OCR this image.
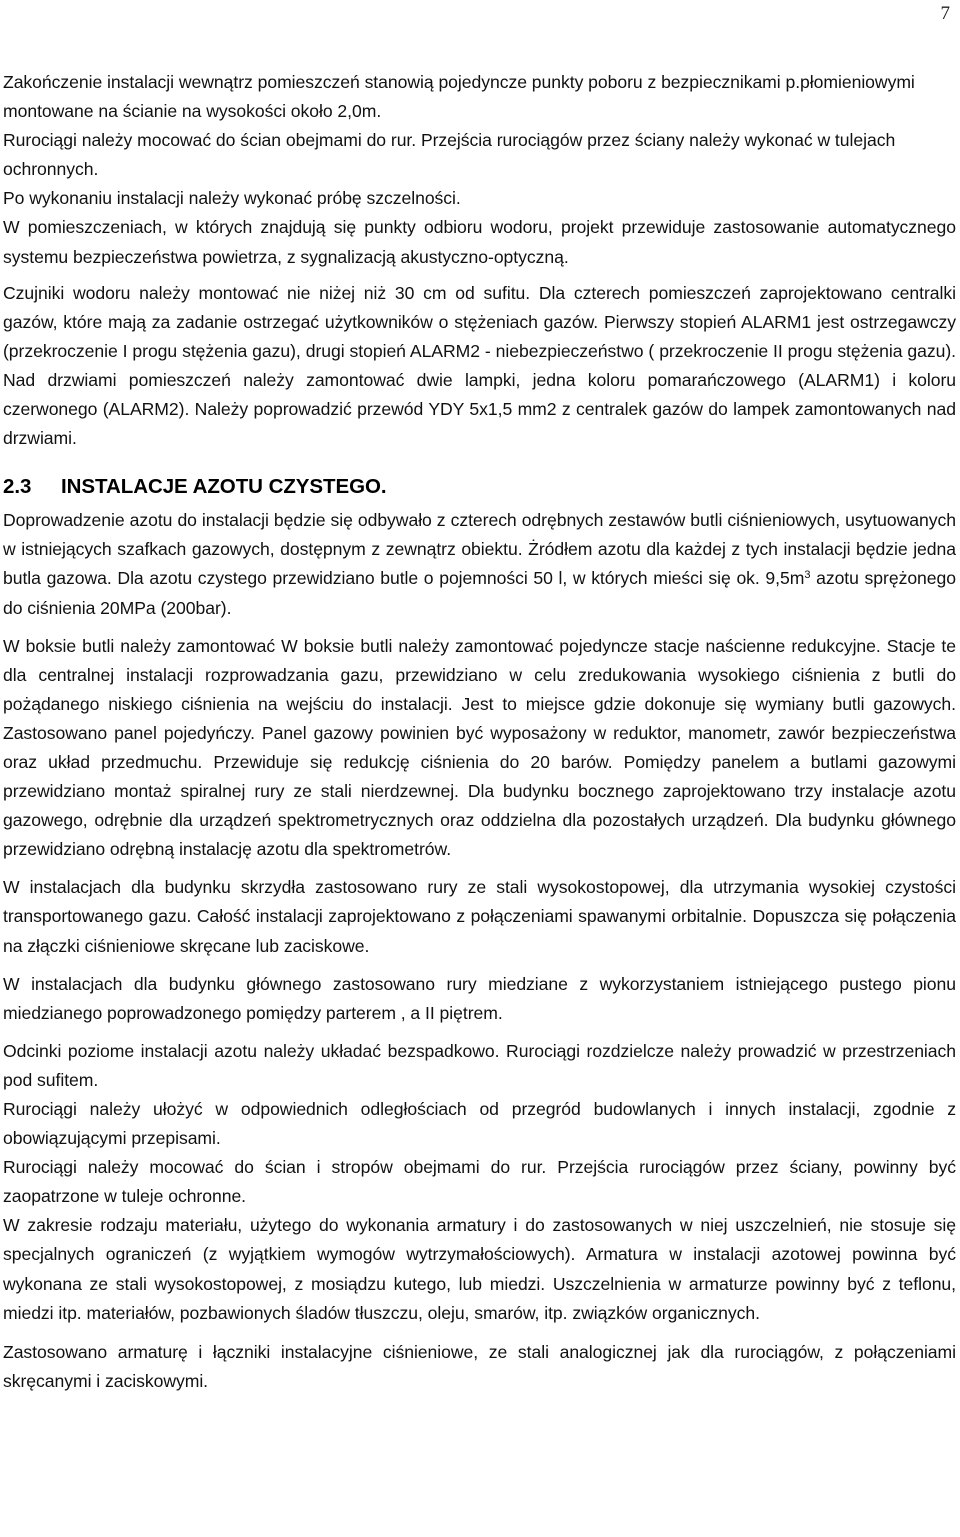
7

Zakończenie instalacji wewnątrz pomieszczeń stanowią pojedyncze punkty poboru z bezpiecznikami p.płomieniowymi montowane na ścianie na wysokości około 2,0m.

Rurociągi należy mocować do ścian obejmami do rur. Przejścia rurociągów przez ściany należy wykonać w tulejach ochronnych.

Po wykonaniu instalacji należy wykonać próbę szczelności.

W pomieszczeniach, w których znajdują się punkty odbioru wodoru, projekt przewiduje zastosowanie automatycznego systemu bezpieczeństwa powietrza, z sygnalizacją akustyczno-optyczną.

Czujniki wodoru należy montować nie niżej niż 30 cm od sufitu. Dla czterech pomieszczeń zaprojektowano centralki gazów, które mają za zadanie ostrzegać użytkowników o stężeniach gazów. Pierwszy stopień ALARM1 jest ostrzegawczy (przekroczenie I progu stężenia gazu), drugi stopień ALARM2 - niebezpieczeństwo ( przekroczenie II progu stężenia gazu). Nad drzwiami pomieszczeń należy zamontować dwie lampki, jedna koloru pomarańczowego (ALARM1) i koloru czerwonego (ALARM2). Należy poprowadzić przewód YDY 5x1,5 mm2 z centralek gazów do lampek zamontowanych nad drzwiami.

2.3 INSTALACJE AZOTU CZYSTEGO.

Doprowadzenie azotu do instalacji będzie się odbywało z czterech odrębnych zestawów butli ciśnieniowych, usytuowanych w istniejących szafkach gazowych, dostępnym z zewnątrz obiektu. Żródłem azotu dla każdej z tych instalacji będzie jedna butla gazowa. Dla azotu czystego przewidziano butle o pojemności 50 l, w których mieści się ok. $9,5m^3$ azotu sprężonego do ciśnienia 20MPa (200bar).

W boksie butli należy zamontować W boksie butli należy zamontować pojedyncze stacje naścienne redukcyjne. Stacje te dla centralnej instalacji rozprowadzania gazu, przewidziano w celu zredukowania wysokiego ciśnienia z butli do pożądanego niskiego ciśnienia na wejściu do instalacji. Jest to miejsce gdzie dokonuje się wymiany butli gazowych. Zastosowano panel pojedyńczy. Panel gazowy powinien być wyposażony w reduktor, manometr, zawór bezpieczeństwa oraz układ przedmuchu. Przewiduje się redukcję ciśnienia do 20 barów. Pomiędzy panelem a butlami gazowymi przewidziano montaż spiralnej rury ze stali nierdzewnej. Dla budynku bocznego zaprojektowano trzy instalacje azotu gazowego, odrębnie dla urządzeń spektrometrycznych oraz oddzielna dla pozostałych urządzeń. Dla budynku głównego przewidziano odrębną instalację azotu dla spektrometrów.

W instalacjach dla budynku skrzydła zastosowano rury ze stali wysokostopowej, dla utrzymania wysokiej czystości transportowanego gazu. Całość instalacji zaprojektowano z połączeniami spawanymi orbitalnie. Dopuszcza się połączenia na złączki ciśnieniowe skręcane lub zaciskowe.

W instalacjach dla budynku głównego zastosowano rury miedziane z wykorzystaniem istniejącego pustego pionu miedzianego poprowadzonego pomiędzy parterem , a II piętrem.

Odcinki poziome instalacji azotu należy układać bezspadkowo. Rurociągi rozdzielcze należy prowadzić w przestrzeniach pod sufitem.

Rurociągi należy ułożyć w odpowiednich odległościach od przegród budowlanych i innych instalacji, zgodnie z obowiązującymi przepisami.

Rurociągi należy mocować do ścian i stropów obejmami do rur. Przejścia rurociągów przez ściany, powinny być zaopatrzone w tuleje ochronne.

W zakresie rodzaju materiału, użytego do wykonania armatury i do zastosowanych w niej uszczelnień, nie stosuje się specjalnych ograniczeń (z wyjątkiem wymogów wytrzymałościowych). Armatura w instalacji azotowej powinna być wykonana ze stali wysokostopowej, z mosiądzu kutego, lub miedzi. Uszczelnienia w armaturze powinny być z teflonu, miedzi itp. materiałów, pozbawionych śladów tłuszczu, oleju, smarów, itp. związków organicznych.

Zastosowano armaturę i łączniki instalacyjne ciśnieniowe, ze stali analogicznej jak dla rurociągów, z połączeniami skręcanymi i zaciskowymi.
